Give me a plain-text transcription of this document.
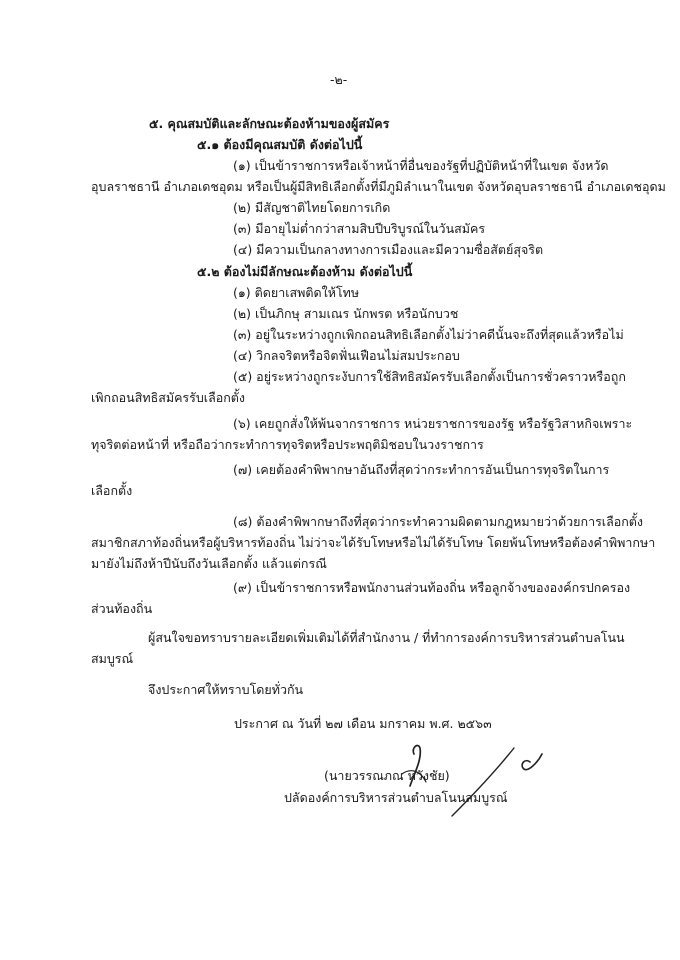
-๒-
๕. คุณสมบัติและลักษณะต้องห้ามของผู้สมัคร
๕.๑ ต้องมีคุณสมบัติ ดังต่อไปนี้
(๑) เป็นข้าราชการหรือเจ้าหน้าที่อื่นของรัฐที่ปฏิบัติหน้าที่ในเขต จังหวัด
อุบลราชธานี อำเภอเดชอุดม หรือเป็นผู้มีสิทธิเลือกตั้งที่มีภูมิลำเนาในเขต จังหวัดอุบลราชธานี อำเภอเดชอุดม
(๒) มีสัญชาติไทยโดยการเกิด
(๓) มีอายุไม่ต่ำกว่าสามสิบปีบริบูรณ์ในวันสมัคร
(๔) มีความเป็นกลางทางการเมืองและมีความซื่อสัตย์สุจริต
๕.๒ ต้องไม่มีลักษณะต้องห้าม ดังต่อไปนี้
(๑) ติดยาเสพติดให้โทษ
(๒) เป็นภิกษุ สามเณร นักพรต หรือนักบวช
(๓) อยู่ในระหว่างถูกเพิกถอนสิทธิเลือกตั้งไม่ว่าคดีนั้นจะถึงที่สุดแล้วหรือไม่
(๔) วิกลจริตหรือจิตฟั่นเฟือนไม่สมประกอบ
(๕) อยู่ระหว่างถูกระงับการใช้สิทธิสมัครรับเลือกตั้งเป็นการชั่วคราวหรือถูก
เพิกถอนสิทธิสมัครรับเลือกตั้ง
(๖) เคยถูกสั่งให้พ้นจากราชการ หน่วยราชการของรัฐ หรือรัฐวิสาหกิจเพราะ
ทุจริตต่อหน้าที่ หรือถือว่ากระทำการทุจริตหรือประพฤติมิชอบในวงราชการ
(๗) เคยต้องคำพิพากษาอันถึงที่สุดว่ากระทำการอันเป็นการทุจริตในการ
เลือกตั้ง
(๘) ต้องคำพิพากษาถึงที่สุดว่ากระทำความผิดตามกฎหมายว่าด้วยการเลือกตั้ง
สมาชิกสภาท้องถิ่นหรือผู้บริหารท้องถิ่น ไม่ว่าจะได้รับโทษหรือไม่ได้รับโทษ โดยพ้นโทษหรือต้องคำพิพากษา
มายังไม่ถึงห้าปีนับถึงวันเลือกตั้ง แล้วแต่กรณี
(๙) เป็นข้าราชการหรือพนักงานส่วนท้องถิ่น หรือลูกจ้างขององค์กรปกครอง
ส่วนท้องถิ่น
ผู้สนใจขอทราบรายละเอียดเพิ่มเติมได้ที่สำนักงาน / ที่ทำการองค์การบริหารส่วนตำบลโนน
สมบูรณ์
จึงประกาศให้ทราบโดยทั่วกัน
ประกาศ ณ วันที่ ๒๗ เดือน มกราคม พ.ศ. ๒๕๖๓
(นายวรรณภณ หวังชัย)
ปลัดองค์การบริหารส่วนตำบลโนนสมบูรณ์
